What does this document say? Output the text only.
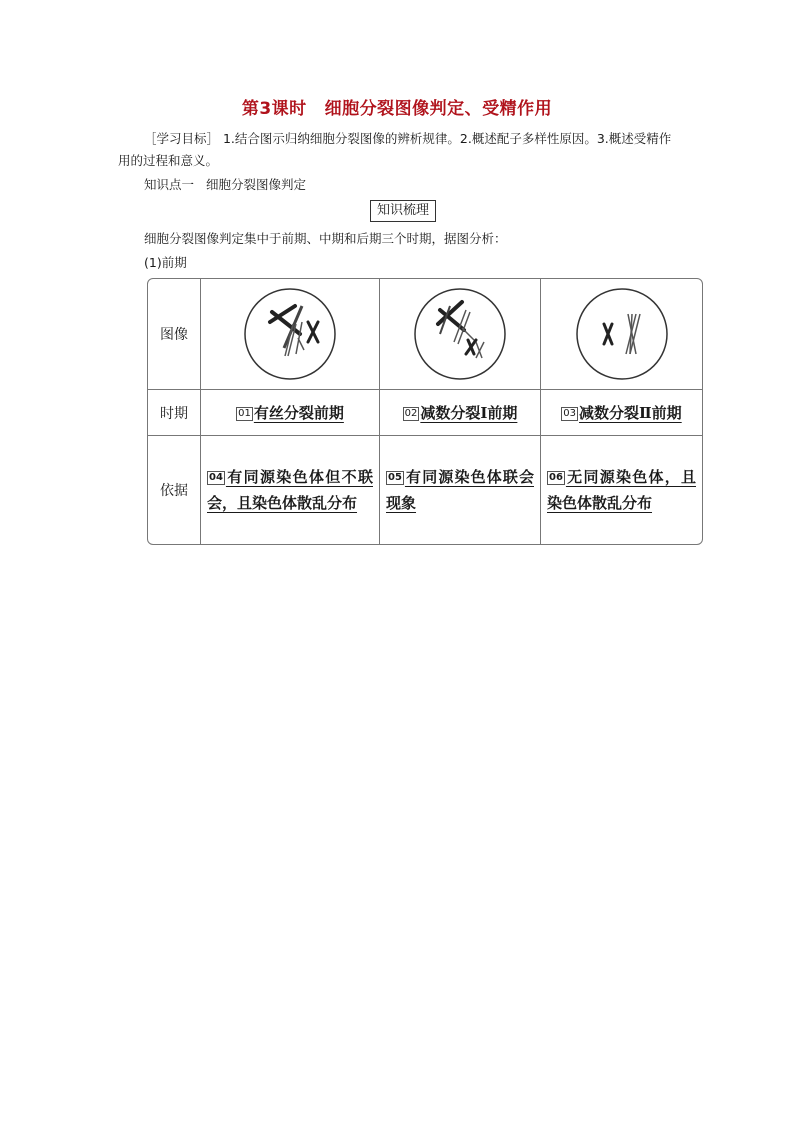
第3课时 细胞分裂图像判定、受精作用
［学习目标］ 1.结合图示归纳细胞分裂图像的辨析规律。2.概述配子多样性原因。3.概述受精作用的过程和意义。
知识点一 细胞分裂图像判定
知识梳理
细胞分裂图像判定集中于前期、中期和后期三个时期，据图分析：
(1)前期
图像	

时期	01 有丝分裂前期	02 减数分裂Ⅰ前期	03 减数分裂Ⅱ前期
依据	04 有同源染色体但不联会，且染色体散乱分布	05 有同源染色体联会现象	06 无同源染色体，且染色体散乱分布
